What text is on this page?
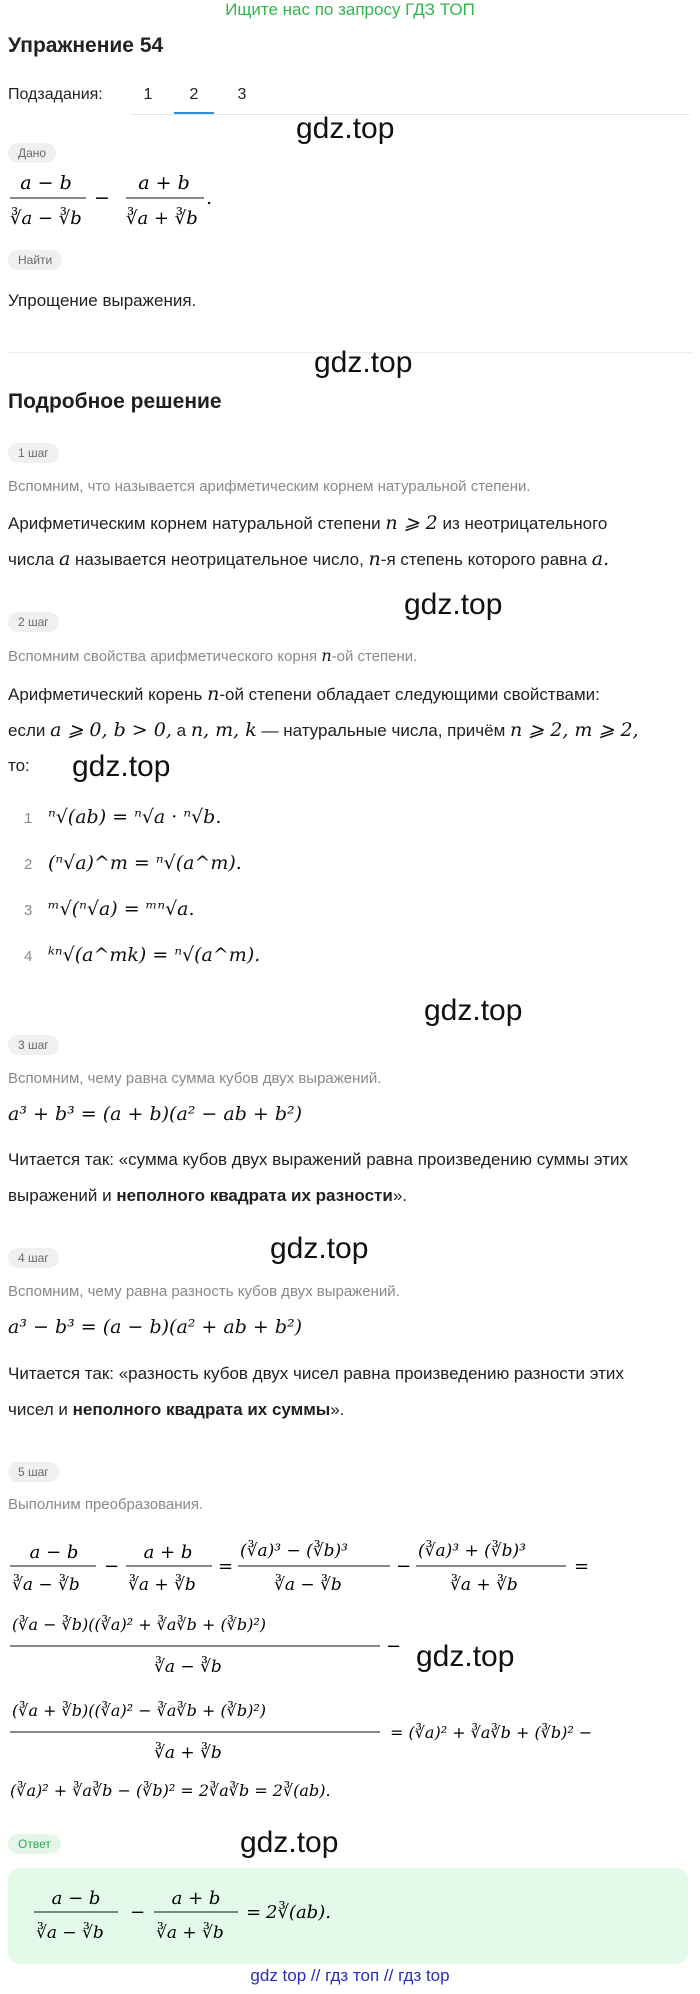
Ищите нас по запросу ГДЗ ТОП
Упражнение 54
Подзадания:	1	2	3
gdz.top
Дано
a − b
∛a − ∛b
−
a + b
∛a + ∛b
.
Найти
Упрощение выражения.
gdz.top
Подробное решение
1 шаг
Вспомним, что называется арифметическим корнем натуральной степени.
Арифметическим корнем натуральной степени n ⩾ 2 из неотрицательного
числа a называется неотрицательное число, n-я степень которого равна a.
gdz.top
2 шаг
Вспомним свойства арифметического корня n-ой степени.
Арифметический корень n-ой степени обладает следующими свойствами:
если a ⩾ 0, b > 0, а n, m, k — натуральные числа, причём n ⩾ 2, m ⩾ 2,
то: gdz.top
1 ⁿ√(ab) = ⁿ√a · ⁿ√b.
2 (ⁿ√a)^m = ⁿ√(a^m).
3 ᵐ√(ⁿ√a) = ᵐⁿ√a.
4 ᵏⁿ√(a^mk) = ⁿ√(a^m).
gdz.top
3 шаг
Вспомним, чему равна сумма кубов двух выражений.
a³ + b³ = (a + b)(a² − ab + b²)
Читается так: «сумма кубов двух выражений равна произведению суммы этих
выражений и неполного квадрата их разности».
gdz.top
4 шаг
Вспомним, чему равна разность кубов двух выражений.
a³ − b³ = (a − b)(a² + ab + b²)
Читается так: «разность кубов двух чисел равна произведению разности этих
чисел и неполного квадрата их суммы».
5 шаг
Выполним преобразования.
a − b
∛a − ∛b
−
a + b
∛a + ∛b
=
(∛a)³ − (∛b)³
∛a − ∛b
−
(∛a)³ + (∛b)³
∛a + ∛b
=
(∛a − ∛b)((∛a)² + ∛a∛b + (∛b)²)
∛a − ∛b
−
(∛a + ∛b)((∛a)² − ∛a∛b + (∛b)²)
∛a + ∛b
= (∛a)² + ∛a∛b + (∛b)² −
(∛a)² + ∛a∛b − (∛b)² = 2∛a∛b = 2∛(ab).
gdz.top
gdz.top
Ответ
a − b
∛a − ∛b
−
a + b
∛a + ∛b
= 2∛(ab).
gdz top // гдз топ // гдз top
